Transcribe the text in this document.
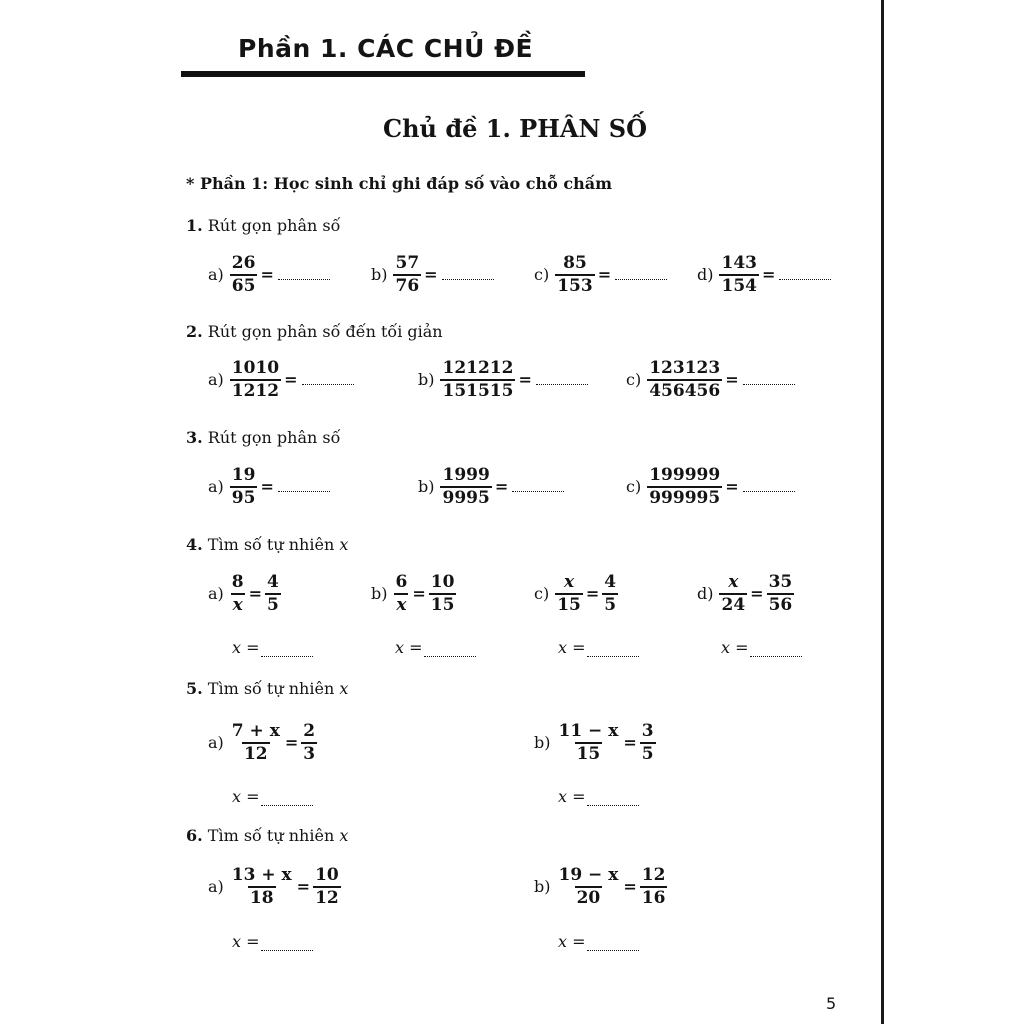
Phần 1. CÁC CHỦ ĐỀ
Chủ đề 1. PHÂN SỐ
* Phần 1: Học sinh chỉ ghi đáp số vào chỗ chấm
1. Rút gọn phân số
$a) \frac{26}{65}$ =	$b) \frac{57}{76}$ =	$c) \frac{85}{153}$ =	$d) \frac{143}{154}$ =
2. Rút gọn phân số đến tối giản
$a) \frac{1010}{1212}$ =	$b) \frac{121212}{151515}$ =	$c) \frac{123123}{456456}$ =
3. Rút gọn phân số
$a) \frac{19}{95}$ =	$b) \frac{1999}{9995}$ =	$c) \frac{199999}{999995}$ =
4. Tìm số tự nhiên x
$a) \frac{8}{x} = \frac{4}{5}$	$b) \frac{6}{x} = \frac{10}{15}$	$c) \frac{x}{15} = \frac{4}{5}$	$d) \frac{x}{24} = \frac{35}{56}$
x =	x =	x =	x =
5. Tìm số tự nhiên x
$a) \frac{7 + x}{12} = \frac{2}{3}$	$b) \frac{11 - x}{15} = \frac{3}{5}$
x =	x =
6. Tìm số tự nhiên x
$a) \frac{13 + x}{18} = \frac{10}{12}$	$b) \frac{19 - x}{20} = \frac{12}{16}$
x =	x =
5
